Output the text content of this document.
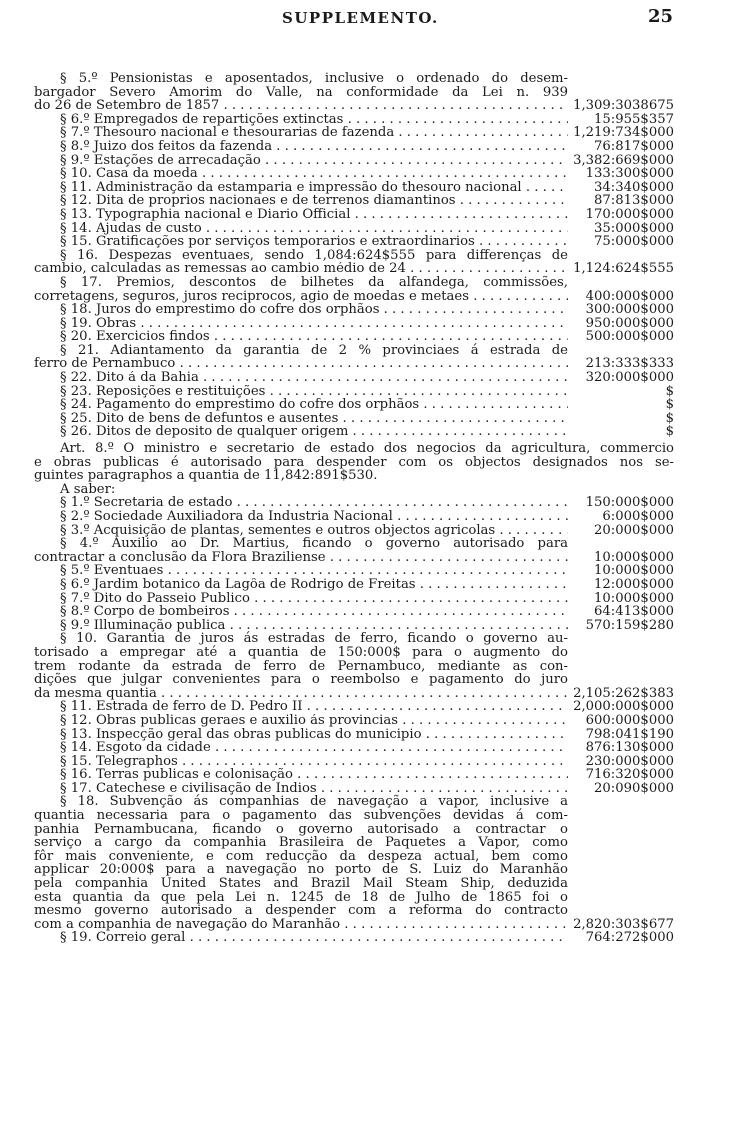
SUPPLEMENTO.	25
§ 5.º Pensionistas e aposentados, inclusive o ordenado do desem-
bargador Severo Amorim do Valle, na conformidade da Lei n. 939
do 26 de Setembro de 1857 . . .	1,309:3038675
§ 6.º Empregados de repartições extinctas . . .	15:955$357
§ 7.º Thesouro nacional e thesourarias de fazenda . . .	1,219:734$000
§ 8.º Juizo dos feitos da fazenda . . .	76:817$000
§ 9.º Estações de arrecadação . . .	3,382:669$000
§ 10. Casa da moeda . . .	133:300$000
§ 11. Administração da estamparia e impressão do thesouro nacional . . .	34:340$000
§ 12. Dita de proprios nacionaes e de terrenos diamantinos . . .	87:813$000
§ 13. Typographia nacional e Diario Official . . .	170:000$000
§ 14. Ajudas de custo . . .	35:000$000
§ 15. Gratificações por serviços temporarios e extraordinarios . . .	75:000$000
§ 16. Despezas eventuaes, sendo 1,084:624$555 para differenças de
cambio, calculadas as remessas ao cambio médio de 24 . . .	1,124:624$555
§ 17. Premios, descontos de bilhetes da alfandega, commissões,
corretagens, seguros, juros reciprocos, agio de moedas e metaes . . .	400:000$000
§ 18. Juros do emprestimo do cofre dos orphãos . . .	300:000$000
§ 19. Obras . . .	950:000$000
§ 20. Exercicios findos . . .	500:000$000
§ 21. Adiantamento da garantia de 2 % provinciaes á estrada de
ferro de Pernambuco . . .	213:333$333
§ 22. Dito á da Bahia . . .	320:000$000
§ 23. Reposições e restituições . . .	$
§ 24. Pagamento do emprestimo do cofre dos orphãos . . .	$
§ 25. Dito de bens de defuntos e ausentes . . .	$
§ 26. Ditos de deposito de qualquer origem . . .	$
Art. 8.º O ministro e secretario de estado dos negocios da agricultura, commercio
e obras publicas é autorisado para despender com os objectos designados nos se-
guintes paragraphos a quantia de 11,842:891$530.
A saber:
§ 1.º Secretaria de estado . . .	150:000$000
§ 2.º Sociedade Auxiliadora da Industria Nacional . . .	6:000$000
§ 3.º Acquisição de plantas, sementes e outros objectos agricolas . . .	20:000$000
§ 4.º Auxilio ao Dr. Martius, ficando o governo autorisado para
contractar a conclusão da Flora Braziliense . . .	10:000$000
§ 5.º Eventuaes . . .	10:000$000
§ 6.º Jardim botanico da Lagôa de Rodrigo de Freitas . . .	12:000$000
§ 7.º Dito do Passeio Publico . . .	10:000$000
§ 8.º Corpo de bombeiros . . .	64:413$000
§ 9.º Illuminação publica . . .	570:159$280
§ 10. Garantia de juros ás estradas de ferro, ficando o governo au-
torisado a empregar até a quantia de 150:000$ para o augmento do
trem rodante da estrada de ferro de Pernambuco, mediante as con-
dições que julgar convenientes para o reembolso e pagamento do juro
da mesma quantia . . .	2,105:262$383
§ 11. Estrada de ferro de D. Pedro II . . .	2,000:000$000
§ 12. Obras publicas geraes e auxilio ás provincias . . .	600:000$000
§ 13. Inspecção geral das obras publicas do municipio . . .	798:041$190
§ 14. Esgoto da cidade . . .	876:130$000
§ 15. Telegraphos . . .	230:000$000
§ 16. Terras publicas e colonisação . . .	716:320$000
§ 17. Catechese e civilisação de Indios . . .	20:090$000
§ 18. Subvenção ás companhias de navegação a vapor, inclusive a
quantia necessaria para o pagamento das subvenções devidas á com-
panhia Pernambucana, ficando o governo autorisado a contractar o
serviço a cargo da companhia Brasileira de Paquetes a Vapor, como
fôr mais conveniente, e com reducção da despeza actual, bem como
applicar 20:000$ para a navegação no porto de S. Luiz do Maranhão
pela companhia United States and Brazil Mail Steam Ship, deduzida
esta quantia da que pela Lei n. 1245 de 18 de Julho de 1865 foi o
mesmo governo autorisado a despender com a reforma do contracto
com a companhia de navegação do Maranhão . . .	2,820:303$677
§ 19. Correio geral . . .	764:272$000
